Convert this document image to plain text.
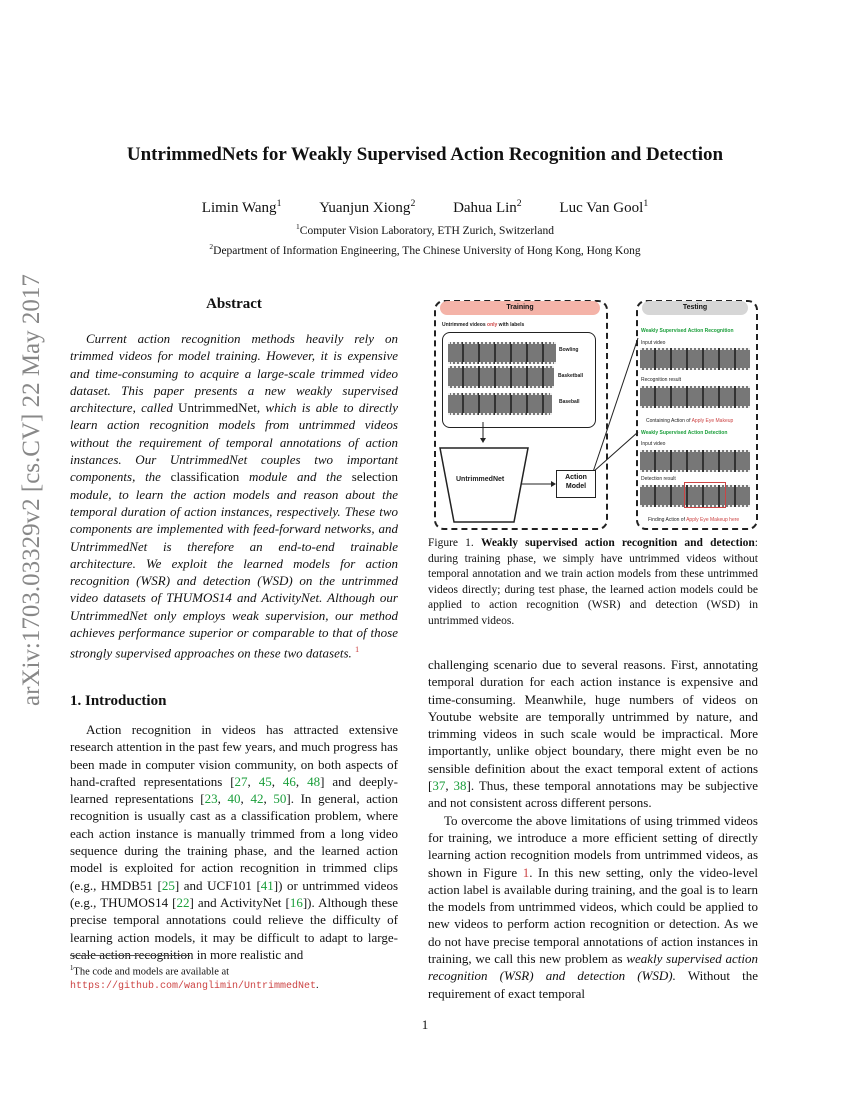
arXiv:1703.03329v2 [cs.CV] 22 May 2017
UntrimmedNets for Weakly Supervised Action Recognition and Detection
Limin Wang$^1$	Yuanjun Xiong$^2$	Dahua Lin$^2$	Luc Van Gool$^1$
$^1$Computer Vision Laboratory, ETH Zurich, Switzerland
$^2$Department of Information Engineering, The Chinese University of Hong Kong, Hong Kong
Abstract
Current action recognition methods heavily rely on trimmed videos for model training. However, it is expensive and time-consuming to acquire a large-scale trimmed video dataset. This paper presents a new weakly supervised architecture, called UntrimmedNet, which is able to directly learn action recognition models from untrimmed videos without the requirement of temporal annotations of action instances. Our UntrimmedNet couples two important components, the classification module and the selection module, to learn the action models and reason about the temporal duration of action instances, respectively. These two components are implemented with feed-forward networks, and UntrimmedNet is therefore an end-to-end trainable architecture. We exploit the learned models for action recognition (WSR) and detection (WSD) on the untrimmed video datasets of THUMOS14 and ActivityNet. Although our UntrimmedNet only employs weak supervision, our method achieves performance superior or comparable to that of those strongly supervised approaches on these two datasets. $^1$
1. Introduction
Action recognition in videos has attracted extensive research attention in the past few years, and much progress has been made in computer vision community, on both aspects of hand-crafted representations [27, 45, 46, 48] and deeply-learned representations [23, 40, 42, 50]. In general, action recognition is usually cast as a classification problem, where each action instance is manually trimmed from a long video sequence during the training phase, and the learned action model is exploited for action recognition in trimmed clips (e.g., HMDB51 [25] and UCF101 [41]) or untrimmed videos (e.g., THUMOS14 [22] and ActivityNet [16]). Although these precise temporal annotations could relieve the difficulty of learning action models, it may be difficult to adapt to large-scale action recognition in more realistic and
$^1$The code and models are available at https://github.com/wanglimin/UntrimmedNet.
Training
Untrimmed videos only with labels
Bowling
Basketball
Baseball
UntrimmedNet	Action Model
Testing
Weakly Supervised Action Recognition
Input video
Recognition result
Containing Action of Apply Eye Makeup
Weakly Supervised Action Detection
Input video
Detection result
Finding Action of Apply Eye Makeup here
Figure 1. Weakly supervised action recognition and detection: during training phase, we simply have untrimmed videos without temporal annotation and we train action models from these untrimmed videos directly; during test phase, the learned action models could be applied to action recognition (WSR) and detection (WSD) in untrimmed videos.

challenging scenario due to several reasons. First, annotating temporal duration for each action instance is expensive and time-consuming. Meanwhile, huge numbers of videos on Youtube website are temporally untrimmed by nature, and trimming videos in such scale would be impractical. More importantly, unlike object boundary, there might even be no sensible definition about the exact temporal extent of actions [37, 38]. Thus, these temporal annotations may be subjective and not consistent across different persons.

To overcome the above limitations of using trimmed videos for training, we introduce a more efficient setting of directly learning action recognition models from untrimmed videos, as shown in Figure 1. In this new setting, only the video-level action label is available during training, and the goal is to learn the models from untrimmed videos, which could be applied to new videos to perform action recognition or detection. As we do not have precise temporal annotations of action instances in training, we call this new problem as weakly supervised action recognition (WSR) and detection (WSD). Without the requirement of exact temporal

1
